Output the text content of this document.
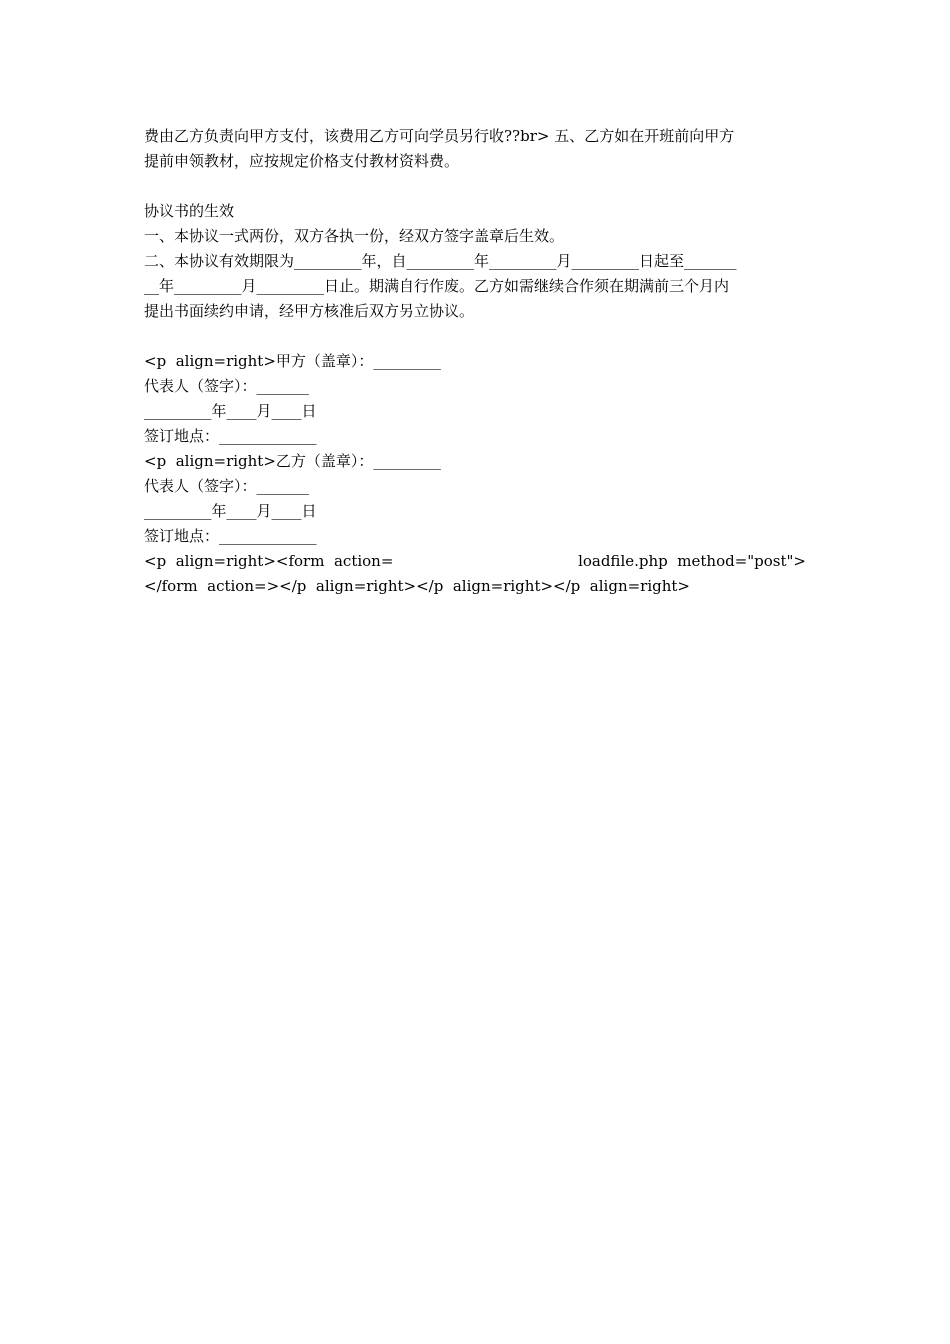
费由乙方负责向甲方支付，该费用乙方可向学员另行收??br> 五、乙方如在开班前向甲方
提前申领教材，应按规定价格支付教材资料费。
协议书的生效
一、本协议一式两份，双方各执一份，经双方签字盖章后生效。
二、本协议有效期限为_________年，自_________年_________月_________日起至_______
__年_________月_________日止。期满自行作废。乙方如需继续合作须在期满前三个月内
提出书面续约申请，经甲方核准后双方另立协议。
<p  align=right>甲方（盖章）：_________
代表人（签字）：_______
_________年____月____日
签订地点：_____________
<p  align=right>乙方（盖章）：_________
代表人（签字）：_______
_________年____月____日
签订地点：_____________
<p  align=right><form  action=	loadfile.php  method="post">
</form  action=></p  align=right></p  align=right></p  align=right>
